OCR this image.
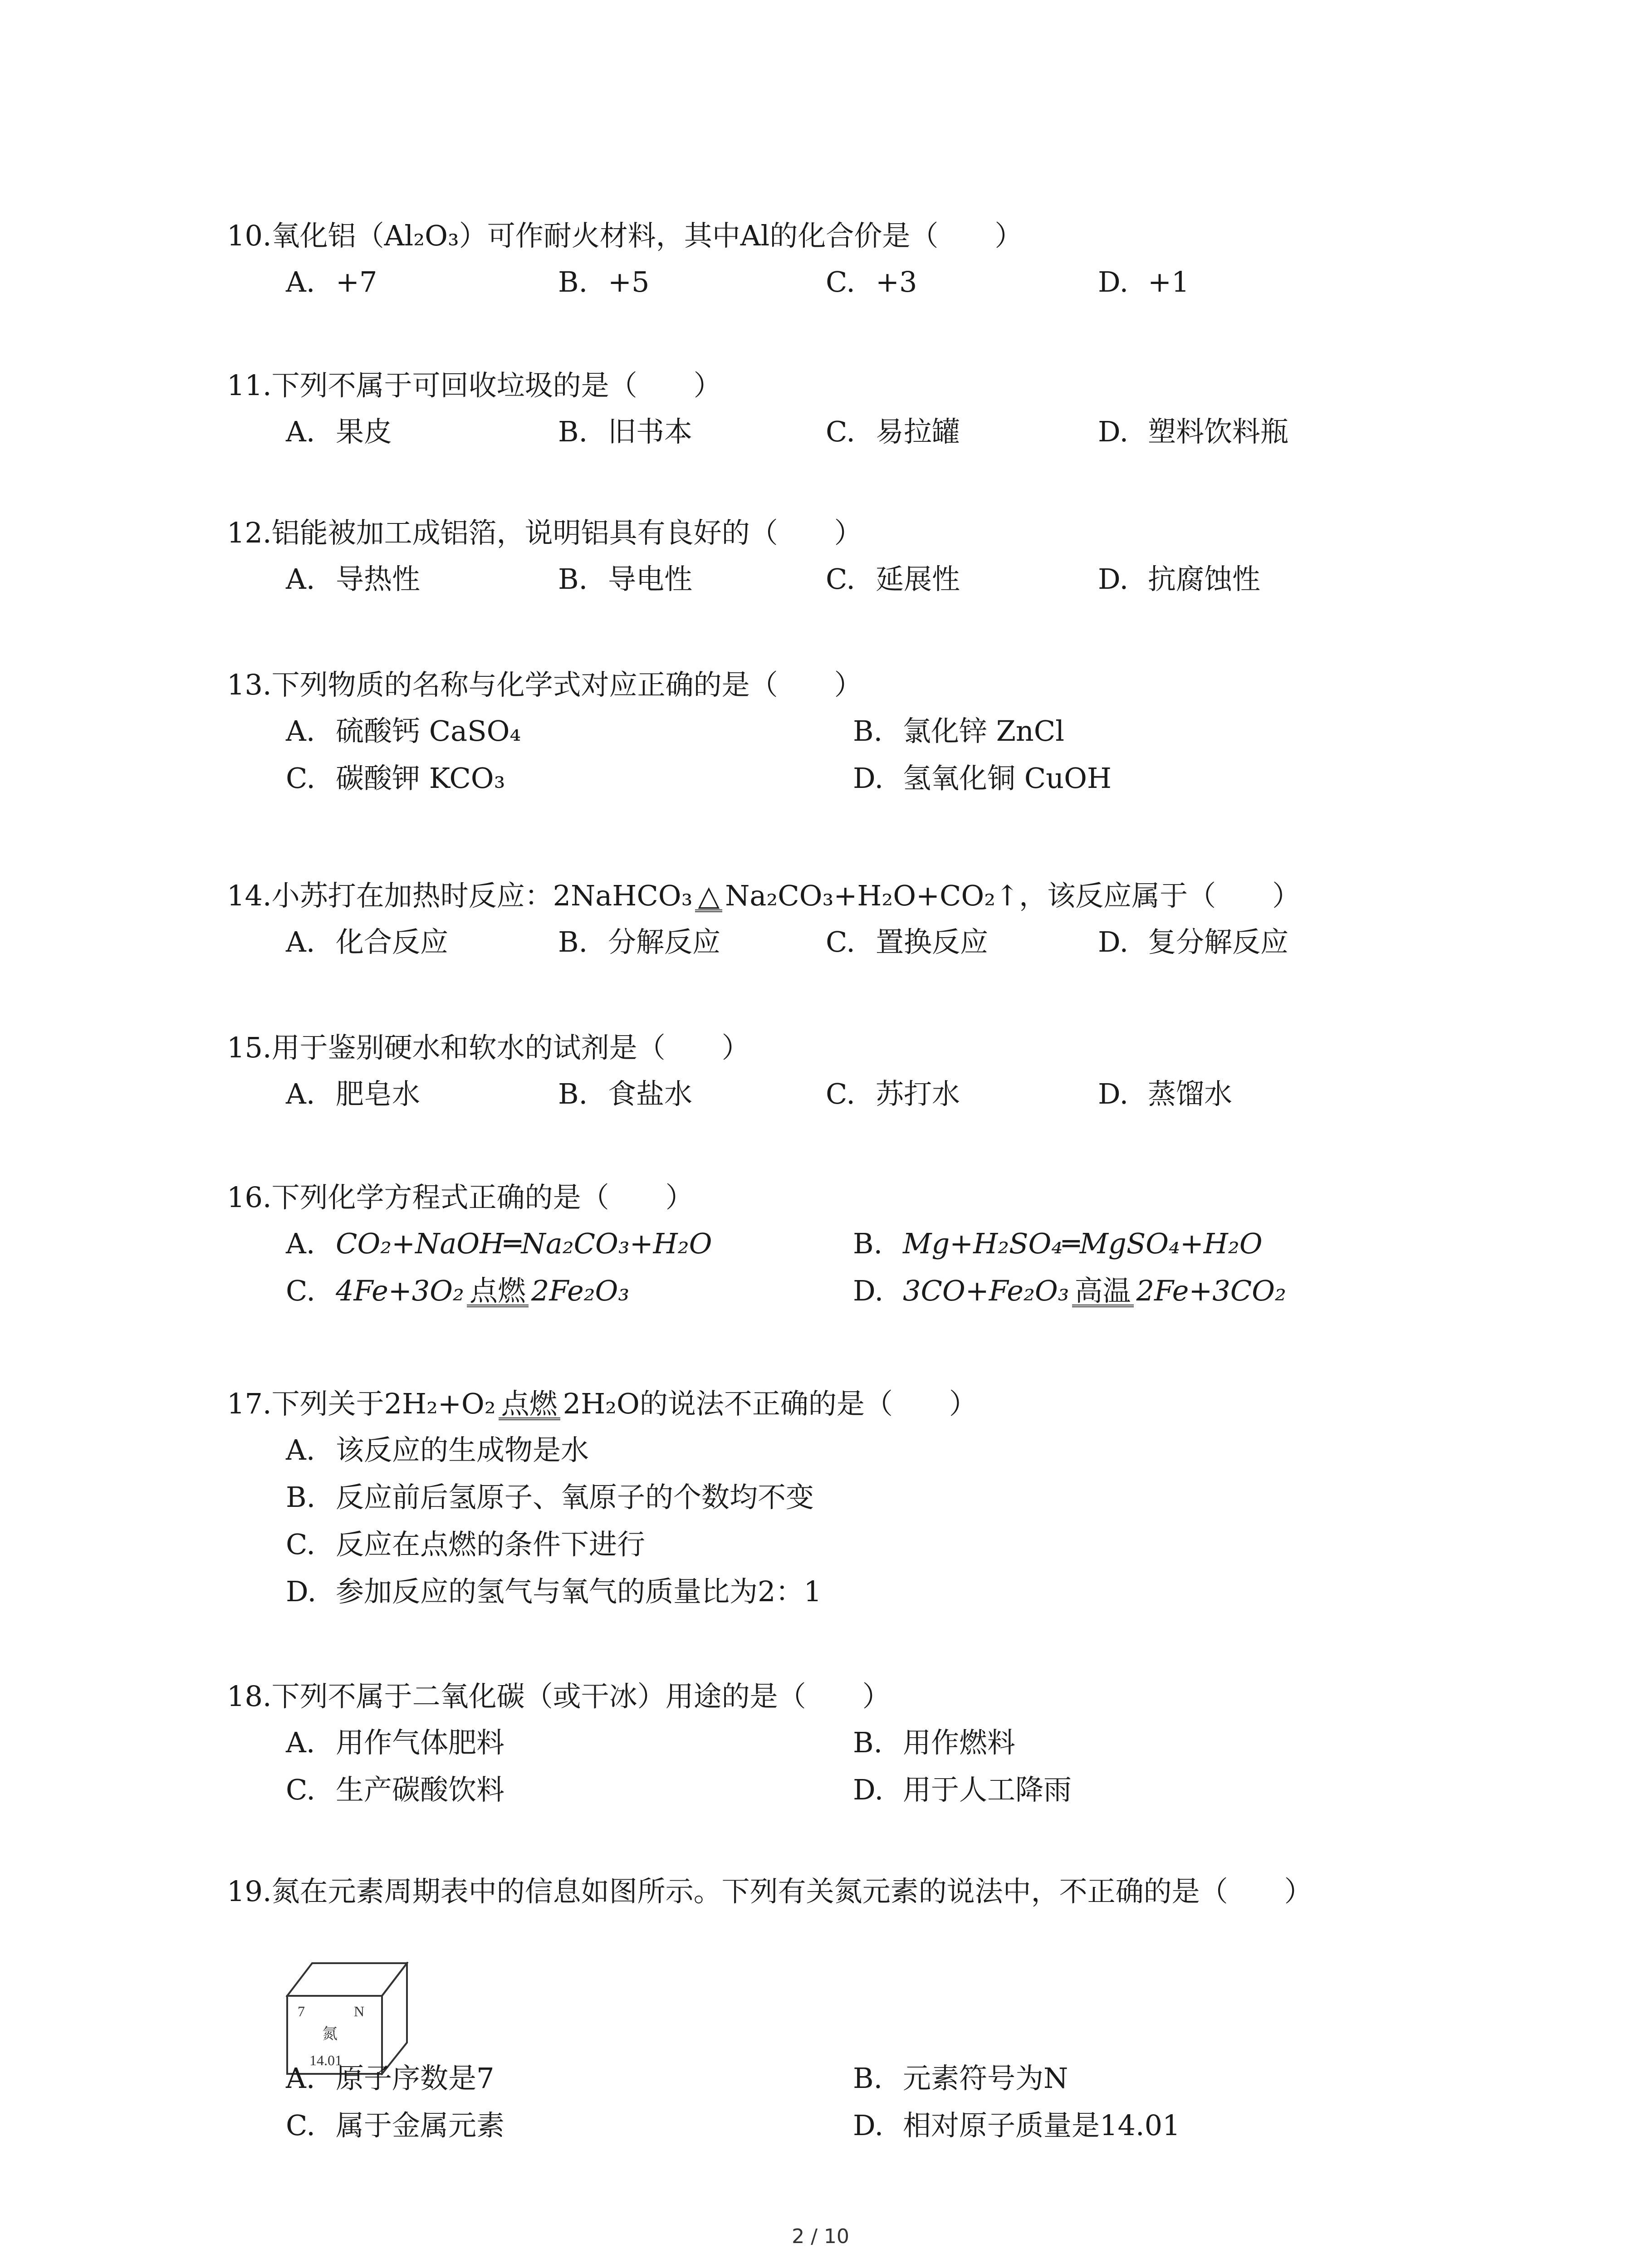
10.氧化铝（Al₂O₃）可作耐火材料，其中Al的化合价是（　　）
A. +7	B. +5	C. +3	D. +1
11.下列不属于可回收垃圾的是（　　）
A. 果皮	B. 旧书本	C. 易拉罐	D. 塑料饮料瓶
12.铝能被加工成铝箔，说明铝具有良好的（　　）
A. 导热性	B. 导电性	C. 延展性	D. 抗腐蚀性
13.下列物质的名称与化学式对应正确的是（　　）
A. 硫酸钙 CaSO₄	B. 氯化锌 ZnCl
C. 碳酸钾 KCO₃	D. 氢氧化铜 CuOH
14.小苏打在加热时反应：2NaHCO₃ △ Na₂CO₃+H₂O+CO₂↑，该反应属于（　　）
A. 化合反应	B. 分解反应	C. 置换反应	D. 复分解反应
15.用于鉴别硬水和软水的试剂是（　　）
A. 肥皂水	B. 食盐水	C. 苏打水	D. 蒸馏水
16.下列化学方程式正确的是（　　）
A. CO₂+NaOH═Na₂CO₃+H₂O	B. Mg+H₂SO₄═MgSO₄+H₂O
C. 4Fe+3O₂ 点燃 2Fe₂O₃	D. 3CO+Fe₂O₃ 高温 2Fe+3CO₂
17.下列关于2H₂+O₂ 点燃 2H₂O的说法不正确的是（　　）
A. 该反应的生成物是水
B. 反应前后氢原子、氧原子的个数均不变
C. 反应在点燃的条件下进行
D. 参加反应的氢气与氧气的质量比为2：1
18.下列不属于二氧化碳（或干冰）用途的是（　　）
A. 用作气体肥料	B. 用作燃料
C. 生产碳酸饮料	D. 用于人工降雨
19.氮在元素周期表中的信息如图所示。下列有关氮元素的说法中，不正确的是（　　）
7	N
氮
14.01
A. 原子序数是7	B. 元素符号为N
C. 属于金属元素	D. 相对原子质量是14.01
2 / 10
